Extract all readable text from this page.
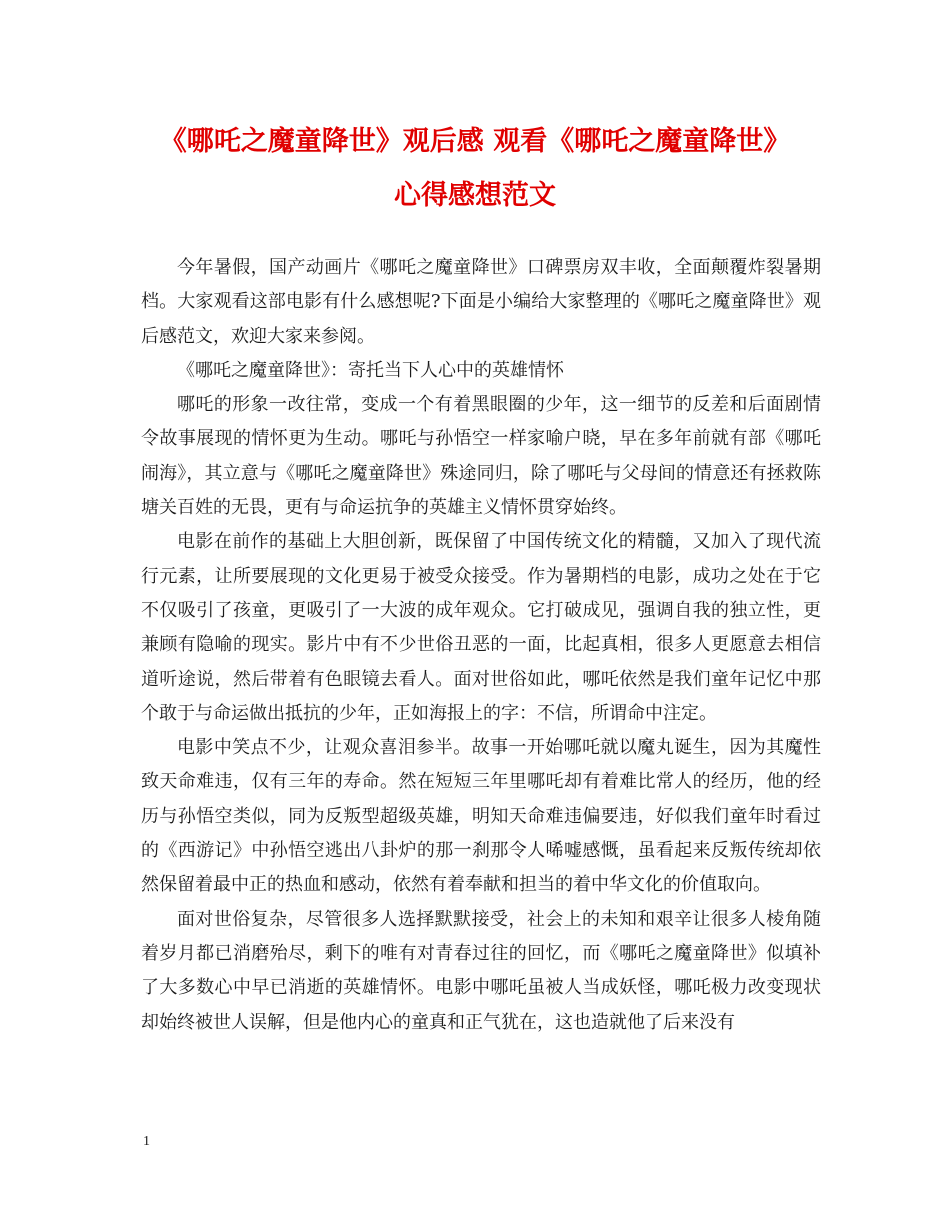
《哪吒之魔童降世》观后感 观看《哪吒之魔童降世》
心得感想范文

今年暑假，国产动画片《哪吒之魔童降世》口碑票房双丰收，全面颠覆炸裂暑期档。大家观看这部电影有什么感想呢?下面是小编给大家整理的《哪吒之魔童降世》观后感范文，欢迎大家来参阅。

《哪吒之魔童降世》：寄托当下人心中的英雄情怀

哪吒的形象一改往常，变成一个有着黑眼圈的少年，这一细节的反差和后面剧情令故事展现的情怀更为生动。哪吒与孙悟空一样家喻户晓，早在多年前就有部《哪吒闹海》，其立意与《哪吒之魔童降世》殊途同归，除了哪吒与父母间的情意还有拯救陈塘关百姓的无畏，更有与命运抗争的英雄主义情怀贯穿始终。

电影在前作的基础上大胆创新，既保留了中国传统文化的精髓，又加入了现代流行元素，让所要展现的文化更易于被受众接受。作为暑期档的电影，成功之处在于它不仅吸引了孩童，更吸引了一大波的成年观众。它打破成见，强调自我的独立性，更兼顾有隐喻的现实。影片中有不少世俗丑恶的一面，比起真相，很多人更愿意去相信道听途说，然后带着有色眼镜去看人。面对世俗如此，哪吒依然是我们童年记忆中那个敢于与命运做出抵抗的少年，正如海报上的字：不信，所谓命中注定。

电影中笑点不少，让观众喜泪参半。故事一开始哪吒就以魔丸诞生，因为其魔性致天命难违，仅有三年的寿命。然在短短三年里哪吒却有着难比常人的经历，他的经历与孙悟空类似，同为反叛型超级英雄，明知天命难违偏要违，好似我们童年时看过的《西游记》中孙悟空逃出八卦炉的那一刹那令人唏嘘感慨，虽看起来反叛传统却依然保留着最中正的热血和感动，依然有着奉献和担当的着中华文化的价值取向。

面对世俗复杂，尽管很多人选择默默接受，社会上的未知和艰辛让很多人棱角随着岁月都已消磨殆尽，剩下的唯有对青春过往的回忆，而《哪吒之魔童降世》似填补了大多数心中早已消逝的英雄情怀。电影中哪吒虽被人当成妖怪，哪吒极力改变现状却始终被世人误解，但是他内心的童真和正气犹在，这也造就他了后来没有

1
